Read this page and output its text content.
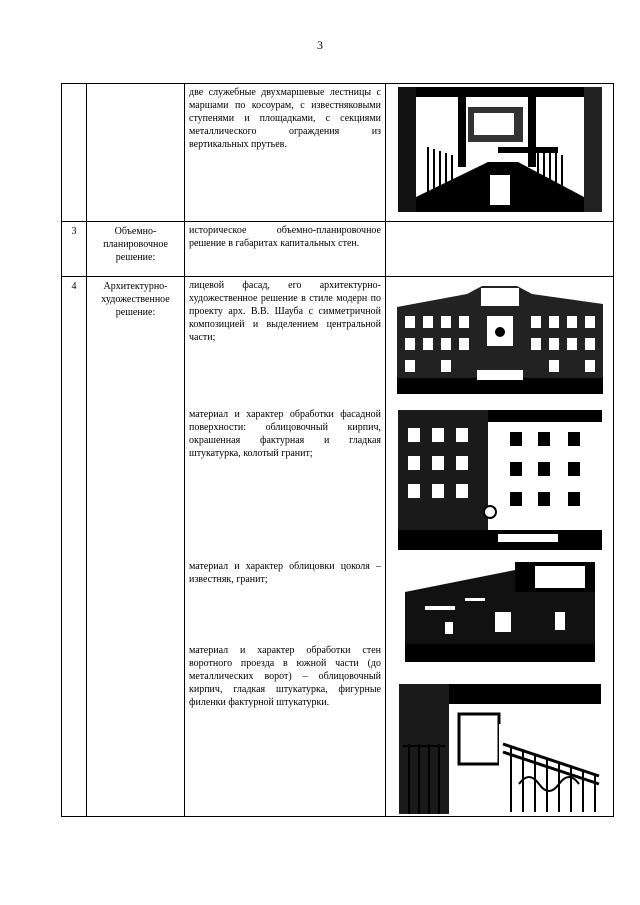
3

		две служебные двухмаршевые лестницы с маршами по косоурам, с известняковыми ступенями и площадками, с секциями металлического ограждения из вертикальных прутьев.

3	Объемно-планировочное решение:	историческое объемно-планировочное решение в габаритах капитальных стен.	

4	Архитектурно-художественное решение:	лицевой фасад, его архитектурно-художественное решение в стиле модерн по проекту арх. В.В. Шауба с симметричной композицией и выделением центральной части;
материал и характер обработки фасадной поверхности: облицовочный кирпич, окрашенная фактурная и гладкая штукатурка, колотый гранит;
материал и характер облицовки цоколя – известняк, гранит;
материал и характер обработки стен воротного проезда в южной части (до металлических ворот) – облицовочный кирпич, гладкая штукатурка, фигурные филенки фактурной штукатурки.
